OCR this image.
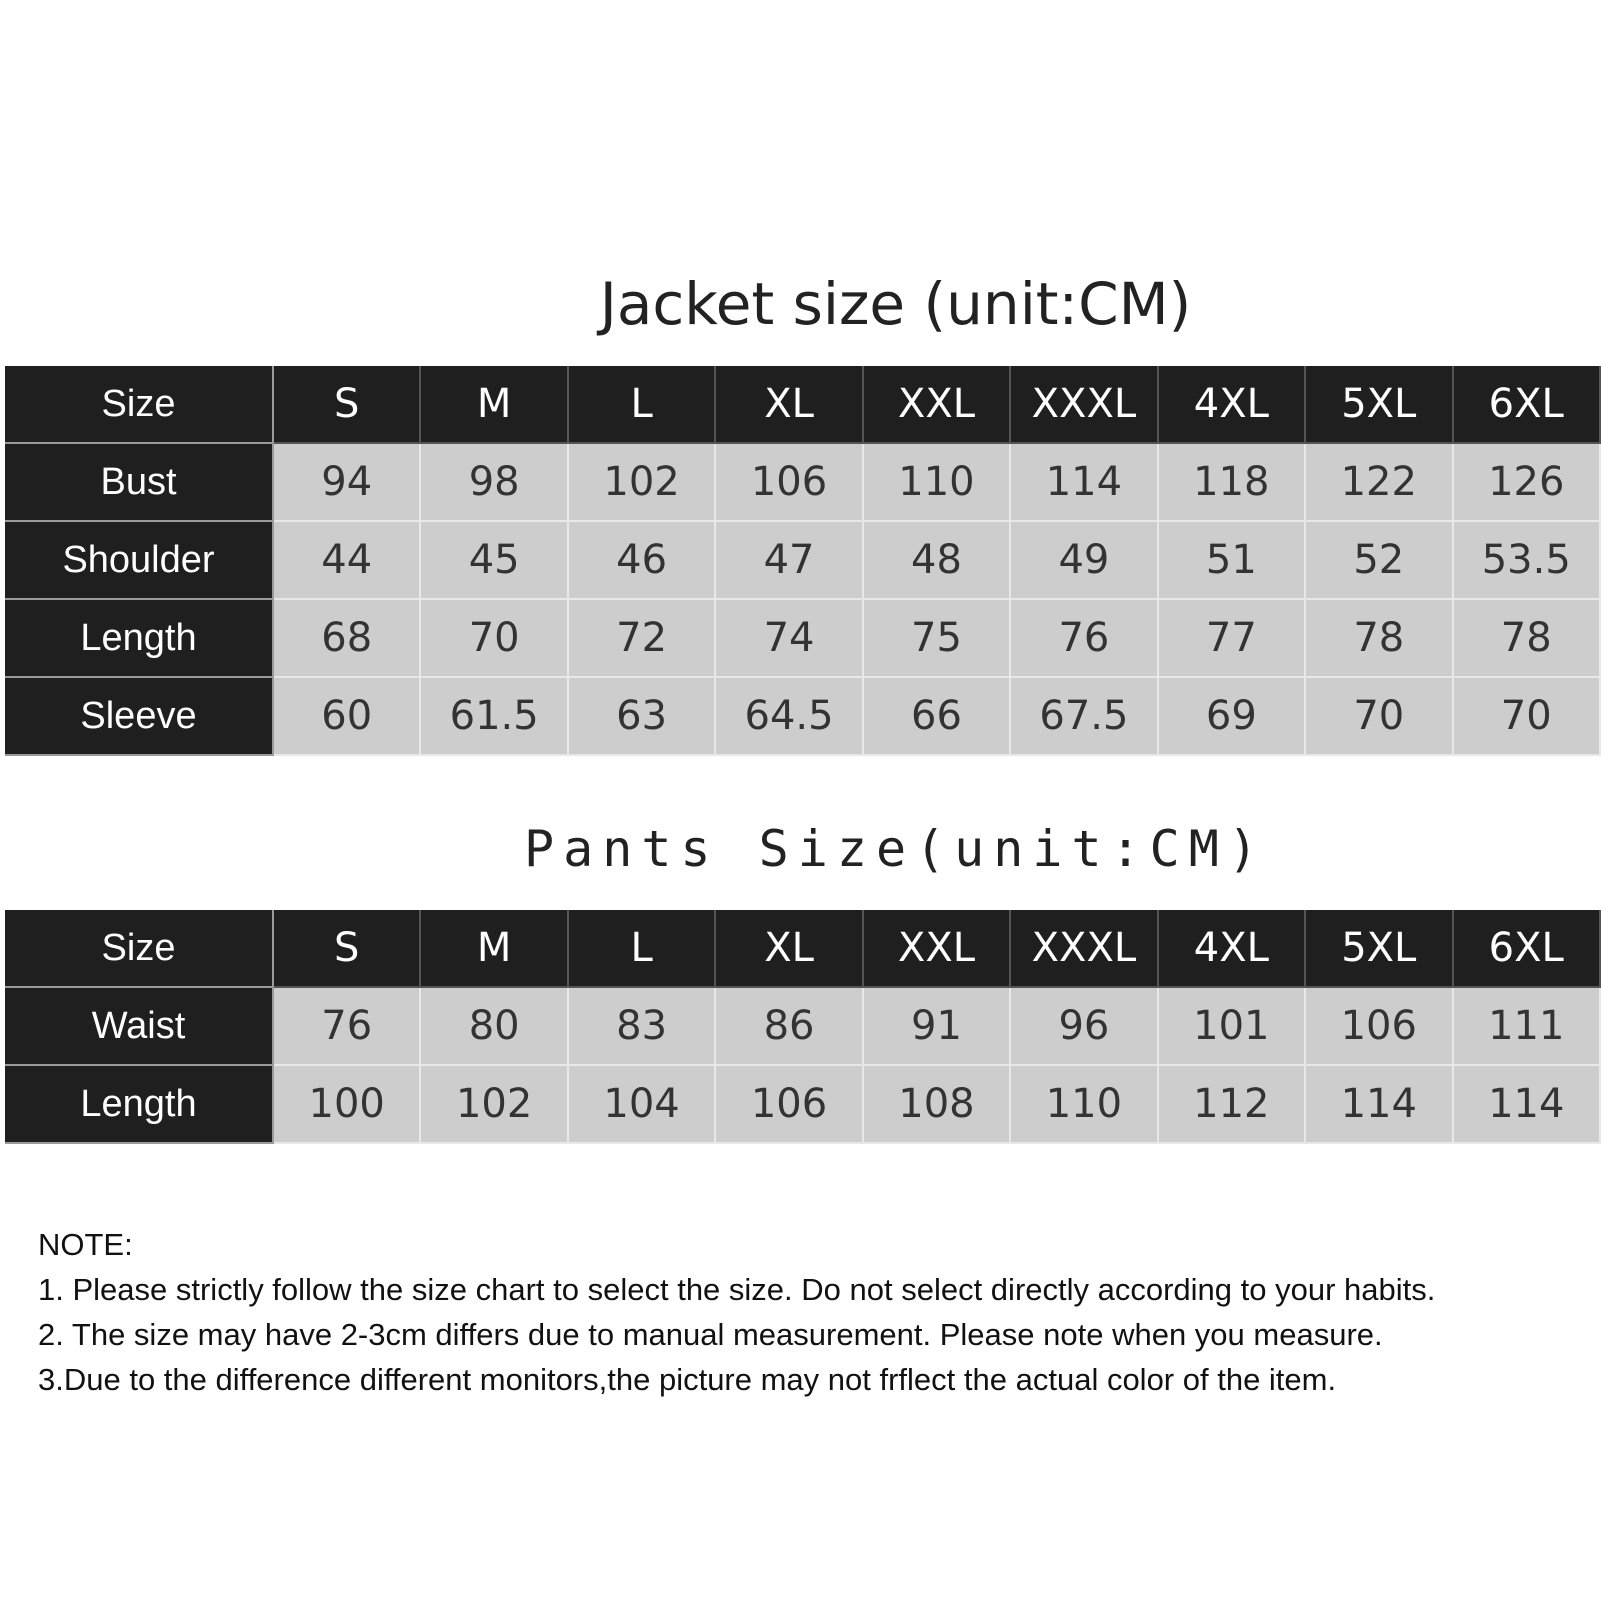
Jacket size (unit:CM)
Size	S	M	L	XL	XXL	XXXL	4XL	5XL	6XL
Bust	94	98	102	106	110	114	118	122	126
Shoulder	44	45	46	47	48	49	51	52	53.5
Length	68	70	72	74	75	76	77	78	78
Sleeve	60	61.5	63	64.5	66	67.5	69	70	70
Pants Size(unit:CM)
Size	S	M	L	XL	XXL	XXXL	4XL	5XL	6XL
Waist	76	80	83	86	91	96	101	106	111
Length	100	102	104	106	108	110	112	114	114
NOTE:
1. Please strictly follow the size chart to select the size. Do not select directly according to your habits.
2. The size may have 2-3cm differs due to manual measurement. Please note when you measure.
3.Due to the difference different monitors,the picture may not frflect the actual color of the item.
